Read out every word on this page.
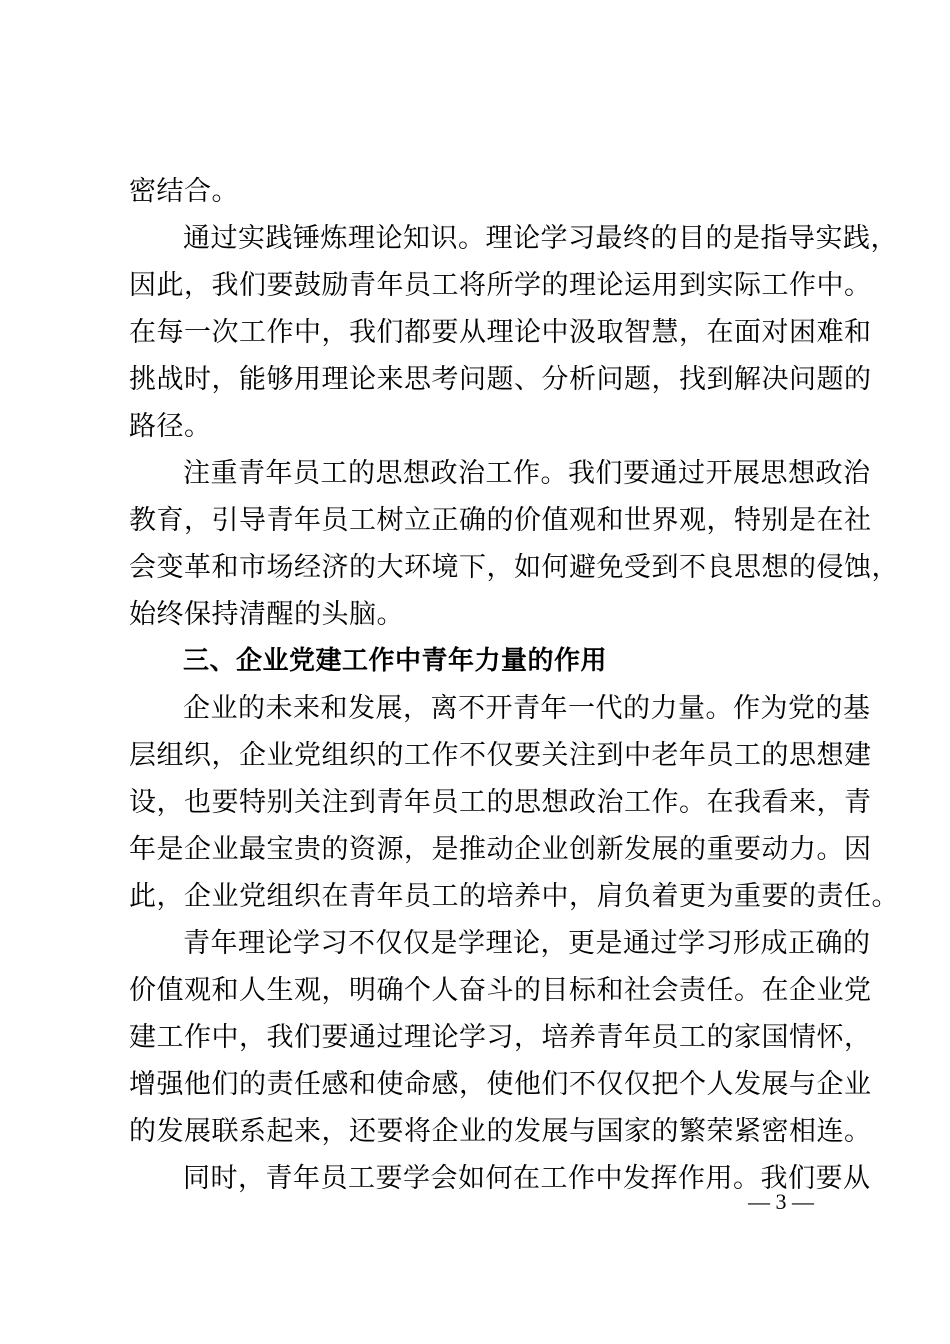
密结合。
通过实践锤炼理论知识。理论学习最终的目的是指导实践，
因此，我们要鼓励青年员工将所学的理论运用到实际工作中。
在每一次工作中，我们都要从理论中汲取智慧，在面对困难和
挑战时，能够用理论来思考问题、分析问题，找到解决问题的
路径。
注重青年员工的思想政治工作。我们要通过开展思想政治
教育，引导青年员工树立正确的价值观和世界观，特别是在社
会变革和市场经济的大环境下，如何避免受到不良思想的侵蚀，
始终保持清醒的头脑。
三、企业党建工作中青年力量的作用
企业的未来和发展，离不开青年一代的力量。作为党的基
层组织，企业党组织的工作不仅要关注到中老年员工的思想建
设，也要特别关注到青年员工的思想政治工作。在我看来，青
年是企业最宝贵的资源，是推动企业创新发展的重要动力。因
此，企业党组织在青年员工的培养中，肩负着更为重要的责任。
青年理论学习不仅仅是学理论，更是通过学习形成正确的
价值观和人生观，明确个人奋斗的目标和社会责任。在企业党
建工作中，我们要通过理论学习，培养青年员工的家国情怀，
增强他们的责任感和使命感，使他们不仅仅把个人发展与企业
的发展联系起来，还要将企业的发展与国家的繁荣紧密相连。
同时，青年员工要学会如何在工作中发挥作用。我们要从
— 3 —
